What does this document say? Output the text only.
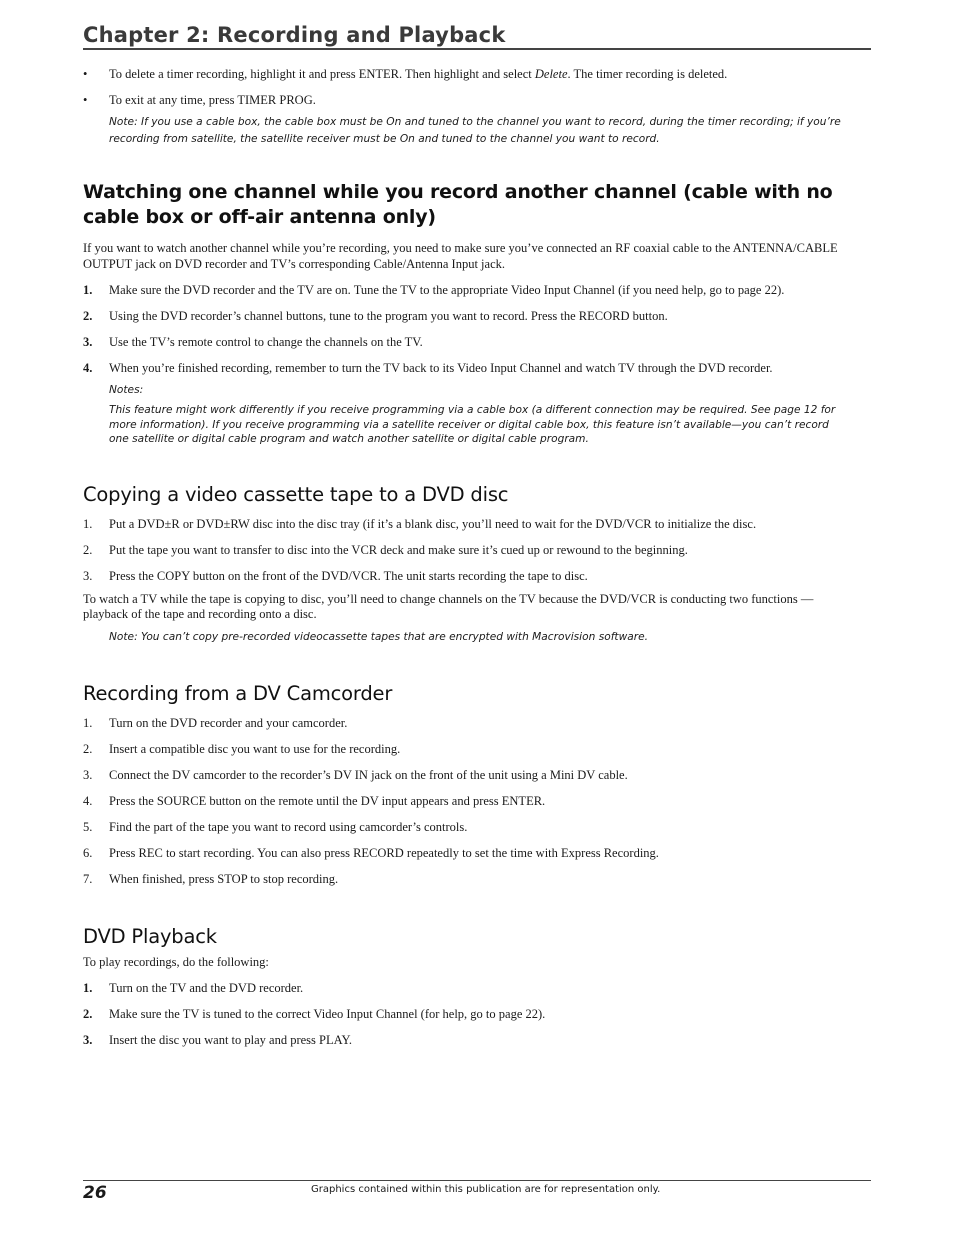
Chapter 2: Recording and Playback
• To delete a timer recording, highlight it and press ENTER. Then highlight and select Delete. The timer recording is deleted.
• To exit at any time, press TIMER PROG.

Note: If you use a cable box, the cable box must be On and tuned to the channel you want to record, during the timer recording; if you’re recording from satellite, the satellite receiver must be On and tuned to the channel you want to record.

Watching one channel while you record another channel (cable with no cable box or off-air antenna only)

If you want to watch another channel while you’re recording, you need to make sure you’ve connected an RF coaxial cable to the ANTENNA/CABLE OUTPUT jack on DVD recorder and TV’s corresponding Cable/Antenna Input jack.

1. Make sure the DVD recorder and the TV are on. Tune the TV to the appropriate Video Input Channel (if you need help, go to page 22).
2. Using the DVD recorder’s channel buttons, tune to the program you want to record. Press the RECORD button.
3. Use the TV’s remote control to change the channels on the TV.
4. When you’re finished recording, remember to turn the TV back to its Video Input Channel and watch TV through the DVD recorder.

Notes:

This feature might work differently if you receive programming via a cable box (a different connection may be required. See page 12 for more information). If you receive programming via a satellite receiver or digital cable box, this feature isn’t available—you can’t record one satellite or digital cable program and watch another satellite or digital cable program.

Copying a video cassette tape to a DVD disc
1. Put a DVD±R or DVD±RW disc into the disc tray (if it’s a blank disc, you’ll need to wait for the DVD/VCR to initialize the disc.
2. Put the tape you want to transfer to disc into the VCR deck and make sure it’s cued up or rewound to the beginning.
3. Press the COPY button on the front of the DVD/VCR. The unit starts recording the tape to disc.

To watch a TV while the tape is copying to disc, you’ll need to change channels on the TV because the DVD/VCR is conducting two functions — playback of the tape and recording onto a disc.

Note: You can’t copy pre-recorded videocassette tapes that are encrypted with Macrovision software.

Recording from a DV Camcorder
1. Turn on the DVD recorder and your camcorder.
2. Insert a compatible disc you want to use for the recording.
3. Connect the DV camcorder to the recorder’s DV IN jack on the front of the unit using a Mini DV cable.
4. Press the SOURCE button on the remote until the DV input appears and press ENTER.
5. Find the part of the tape you want to record using camcorder’s controls.
6. Press REC to start recording. You can also press RECORD repeatedly to set the time with Express Recording.
7. When finished, press STOP to stop recording.
DVD Playback

To play recordings, do the following:

1. Turn on the TV and the DVD recorder.
2. Make sure the TV is tuned to the correct Video Input Channel (for help, go to page 22).
3. Insert the disc you want to play and press PLAY.
26	Graphics contained within this publication are for representation only.
